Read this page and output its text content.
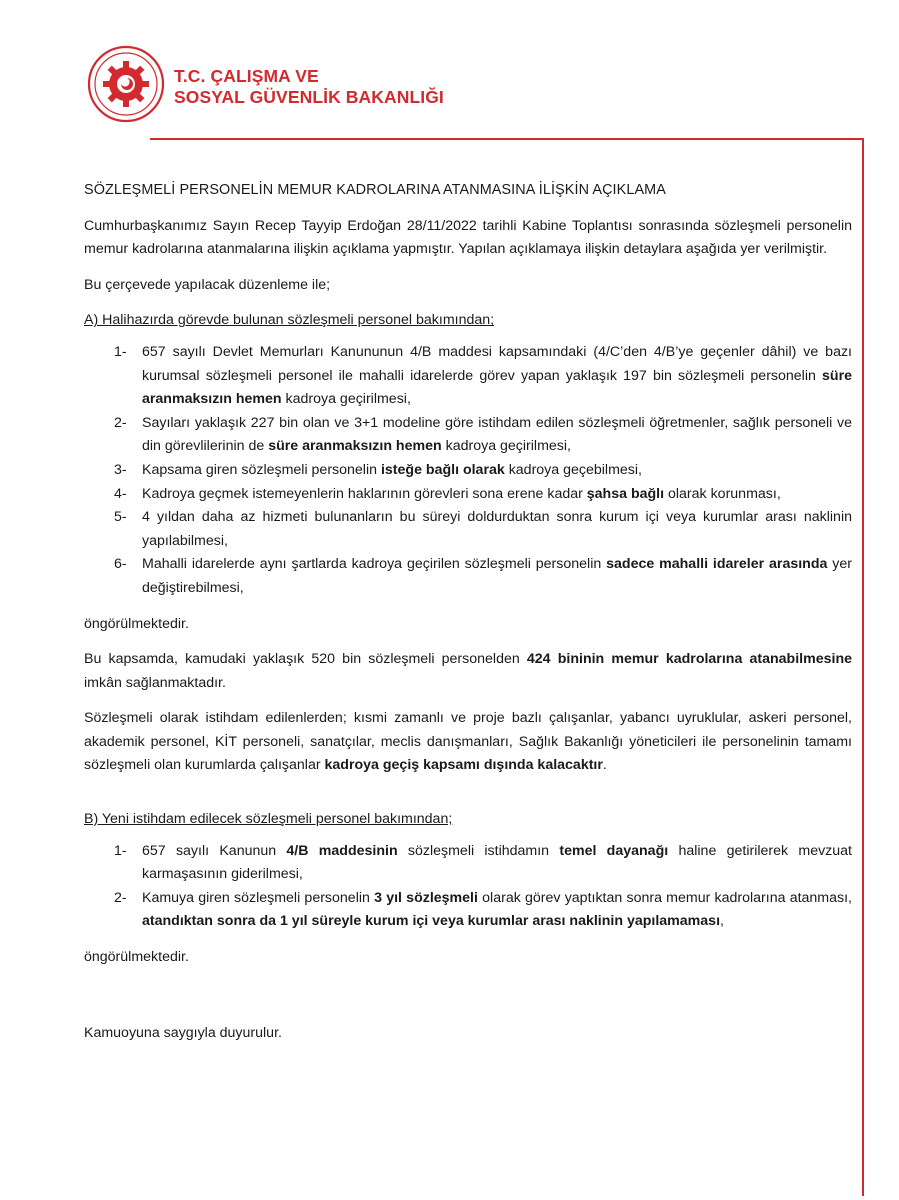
T.C. ÇALIŞMA VE
SOSYAL GÜVENLİK BAKANLIĞI

SÖZLEŞMELİ PERSONELİN MEMUR KADROLARINA ATANMASINA İLİŞKİN AÇIKLAMA

Cumhurbaşkanımız Sayın Recep Tayyip Erdoğan 28/11/2022 tarihli Kabine Toplantısı sonrasında sözleşmeli personelin memur kadrolarına atanmalarına ilişkin açıklama yapmıştır. Yapılan açıklamaya ilişkin detaylara aşağıda yer verilmiştir.

Bu çerçevede yapılacak düzenleme ile;

A) Halihazırda görevde bulunan sözleşmeli personel bakımından;

1- 657 sayılı Devlet Memurları Kanununun 4/B maddesi kapsamındaki (4/C’den 4/B’ye geçenler dâhil) ve bazı kurumsal sözleşmeli personel ile mahalli idarelerde görev yapan yaklaşık 197 bin sözleşmeli personelin süre aranmaksızın hemen kadroya geçirilmesi,
2- Sayıları yaklaşık 227 bin olan ve 3+1 modeline göre istihdam edilen sözleşmeli öğretmenler, sağlık personeli ve din görevlilerinin de süre aranmaksızın hemen kadroya geçirilmesi,
3- Kapsama giren sözleşmeli personelin isteğe bağlı olarak kadroya geçebilmesi,
4- Kadroya geçmek istemeyenlerin haklarının görevleri sona erene kadar şahsa bağlı olarak korunması,
5- 4 yıldan daha az hizmeti bulunanların bu süreyi doldurduktan sonra kurum içi veya kurumlar arası naklinin yapılabilmesi,
6- Mahalli idarelerde aynı şartlarda kadroya geçirilen sözleşmeli personelin sadece mahalli idareler arasında yer değiştirebilmesi,

öngörülmektedir.

Bu kapsamda, kamudaki yaklaşık 520 bin sözleşmeli personelden 424 bininin memur kadrolarına atanabilmesine imkân sağlanmaktadır.

Sözleşmeli olarak istihdam edilenlerden; kısmi zamanlı ve proje bazlı çalışanlar, yabancı uyruklular, askeri personel, akademik personel, KİT personeli, sanatçılar, meclis danışmanları, Sağlık Bakanlığı yöneticileri ile personelinin tamamı sözleşmeli olan kurumlarda çalışanlar kadroya geçiş kapsamı dışında kalacaktır.

B) Yeni istihdam edilecek sözleşmeli personel bakımından;

1- 657 sayılı Kanunun 4/B maddesinin sözleşmeli istihdamın temel dayanağı haline getirilerek mevzuat karmaşasının giderilmesi,
2- Kamuya giren sözleşmeli personelin 3 yıl sözleşmeli olarak görev yaptıktan sonra memur kadrolarına atanması, atandıktan sonra da 1 yıl süreyle kurum içi veya kurumlar arası naklinin yapılamaması,

öngörülmektedir.

Kamuoyuna saygıyla duyurulur.
